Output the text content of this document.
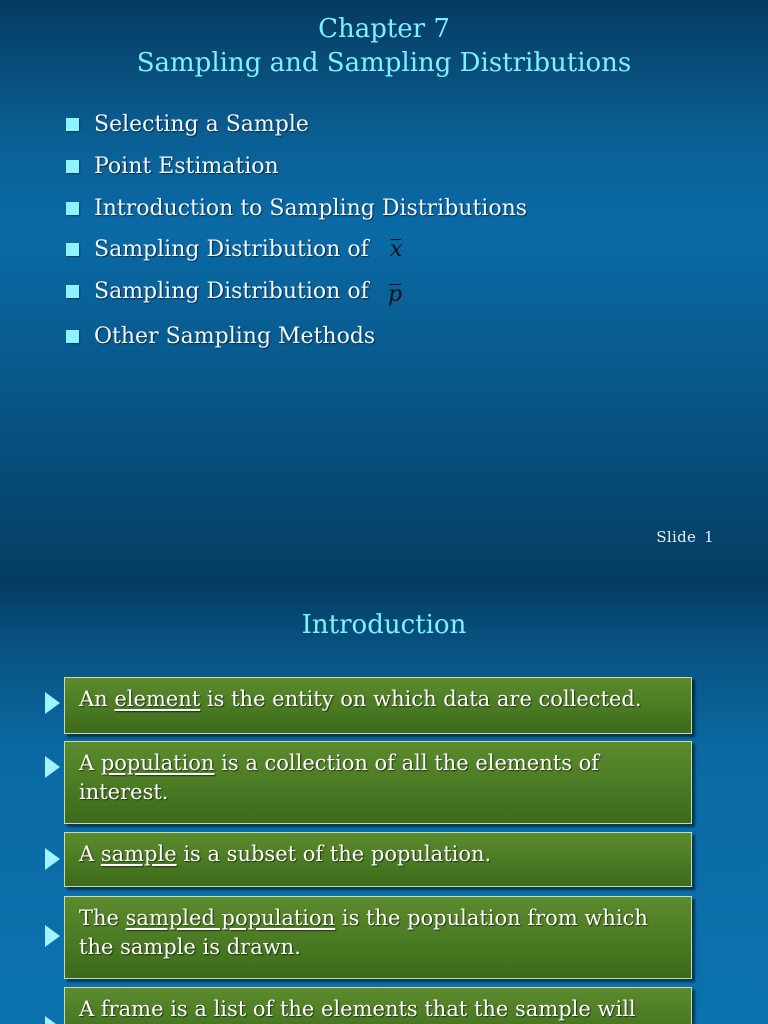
Chapter 7
Sampling and Sampling Distributions
Selecting a Sample
Point Estimation
Introduction to Sampling Distributions
Sampling Distribution of x
Sampling Distribution of p
Other Sampling Methods
Slide 1
Introduction
An element is the entity on which data are collected.
A population is a collection of all the elements of interest.
A sample is a subset of the population.
The sampled population is the population from which the sample is drawn.
A frame is a list of the elements that the sample will
